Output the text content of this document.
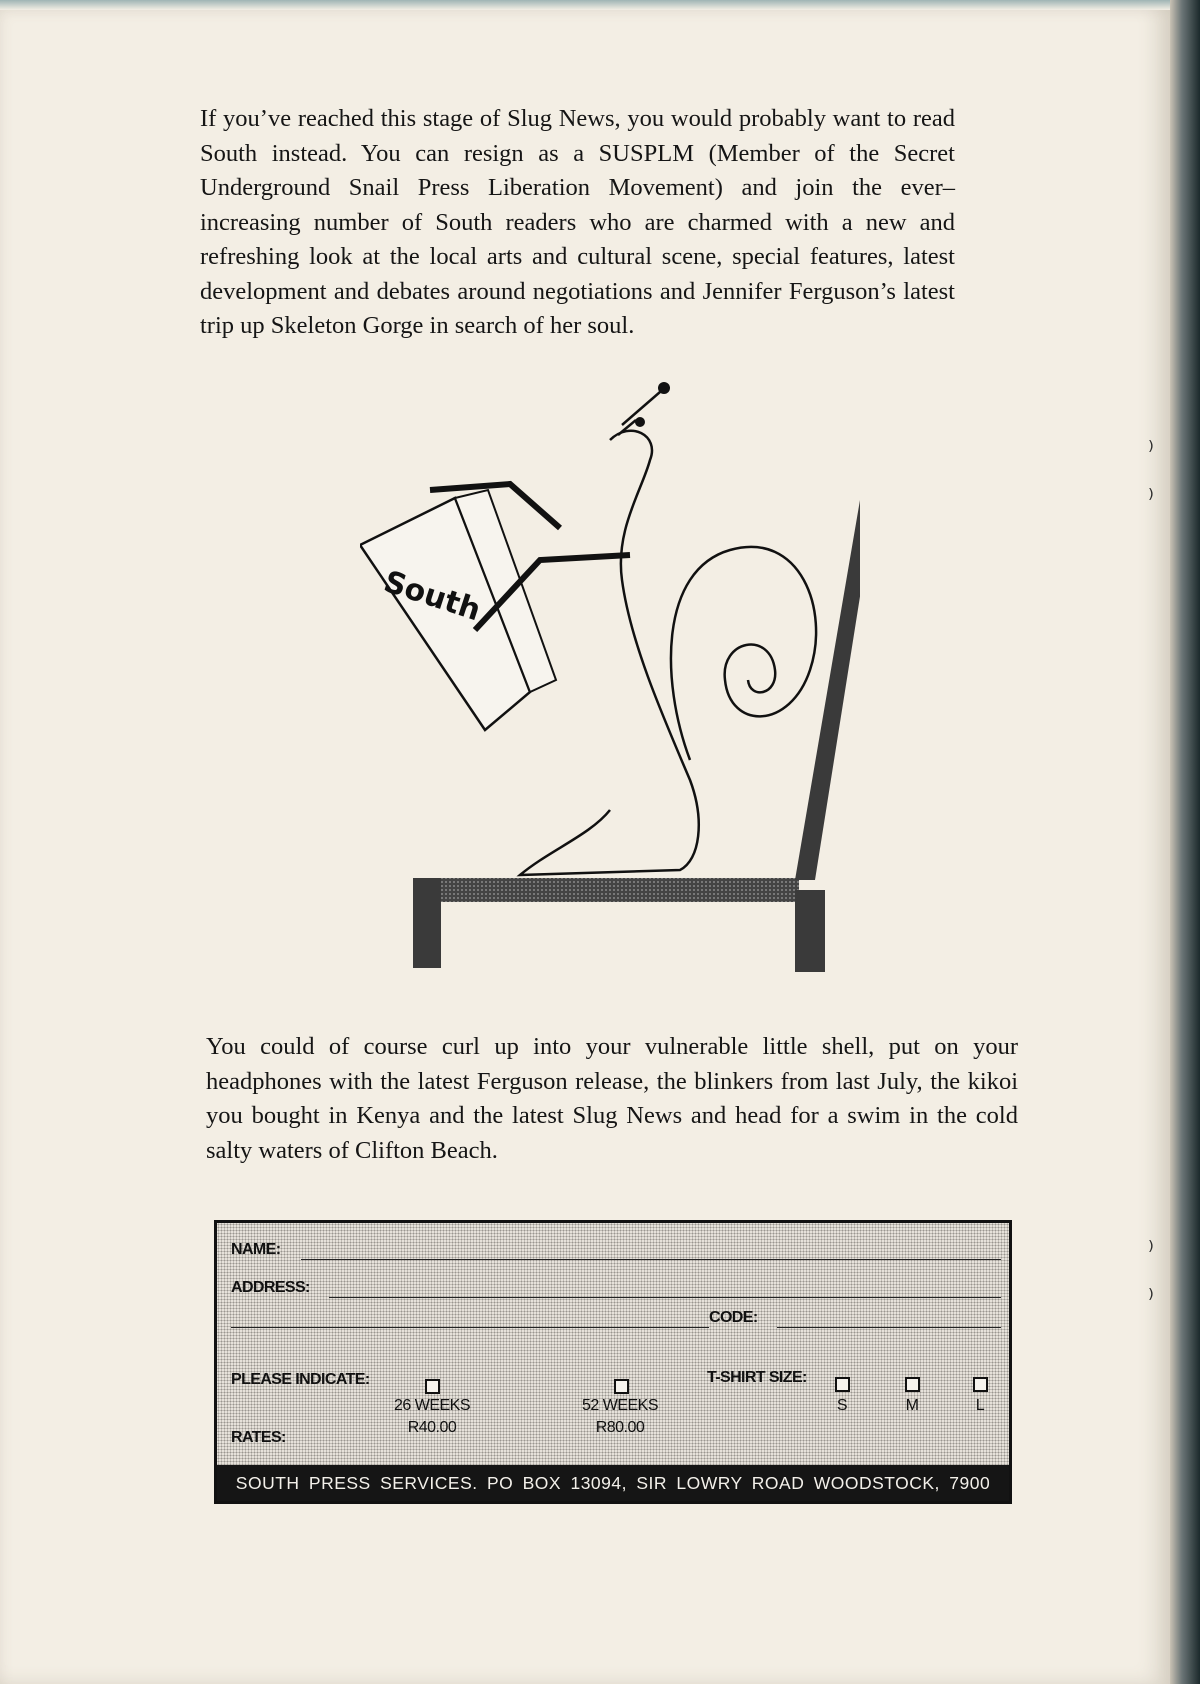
If you’ve reached this stage of Slug News, you would probably want to read South instead. You can resign as a SUSPLM (Member of the Secret Underground Snail Press Liberation Movement) and join the ever–increasing number of South readers who are charmed with a new and refreshing look at the local arts and cultural scene, special features, latest development and debates around negotiations and Jennifer Ferguson’s latest trip up Skeleton Gorge in search of her soul.

South

You could of course curl up into your vulnerable little shell, put on your headphones with the latest Ferguson release, the blinkers from last July, the kikoi you bought in Kenya and the latest Slug News and head for a swim in the cold salty waters of Clifton Beach.

NAME:
ADDRESS:
CODE:
PLEASE INDICATE:
RATES:
26 WEEKS
R40.00
52 WEEKS
R80.00
T-SHIRT SIZE:
S	M	L
SOUTH PRESS SERVICES. PO BOX 13094, SIR LOWRY ROAD WOODSTOCK, 7900
⁾
⁾
⁾
⁾
